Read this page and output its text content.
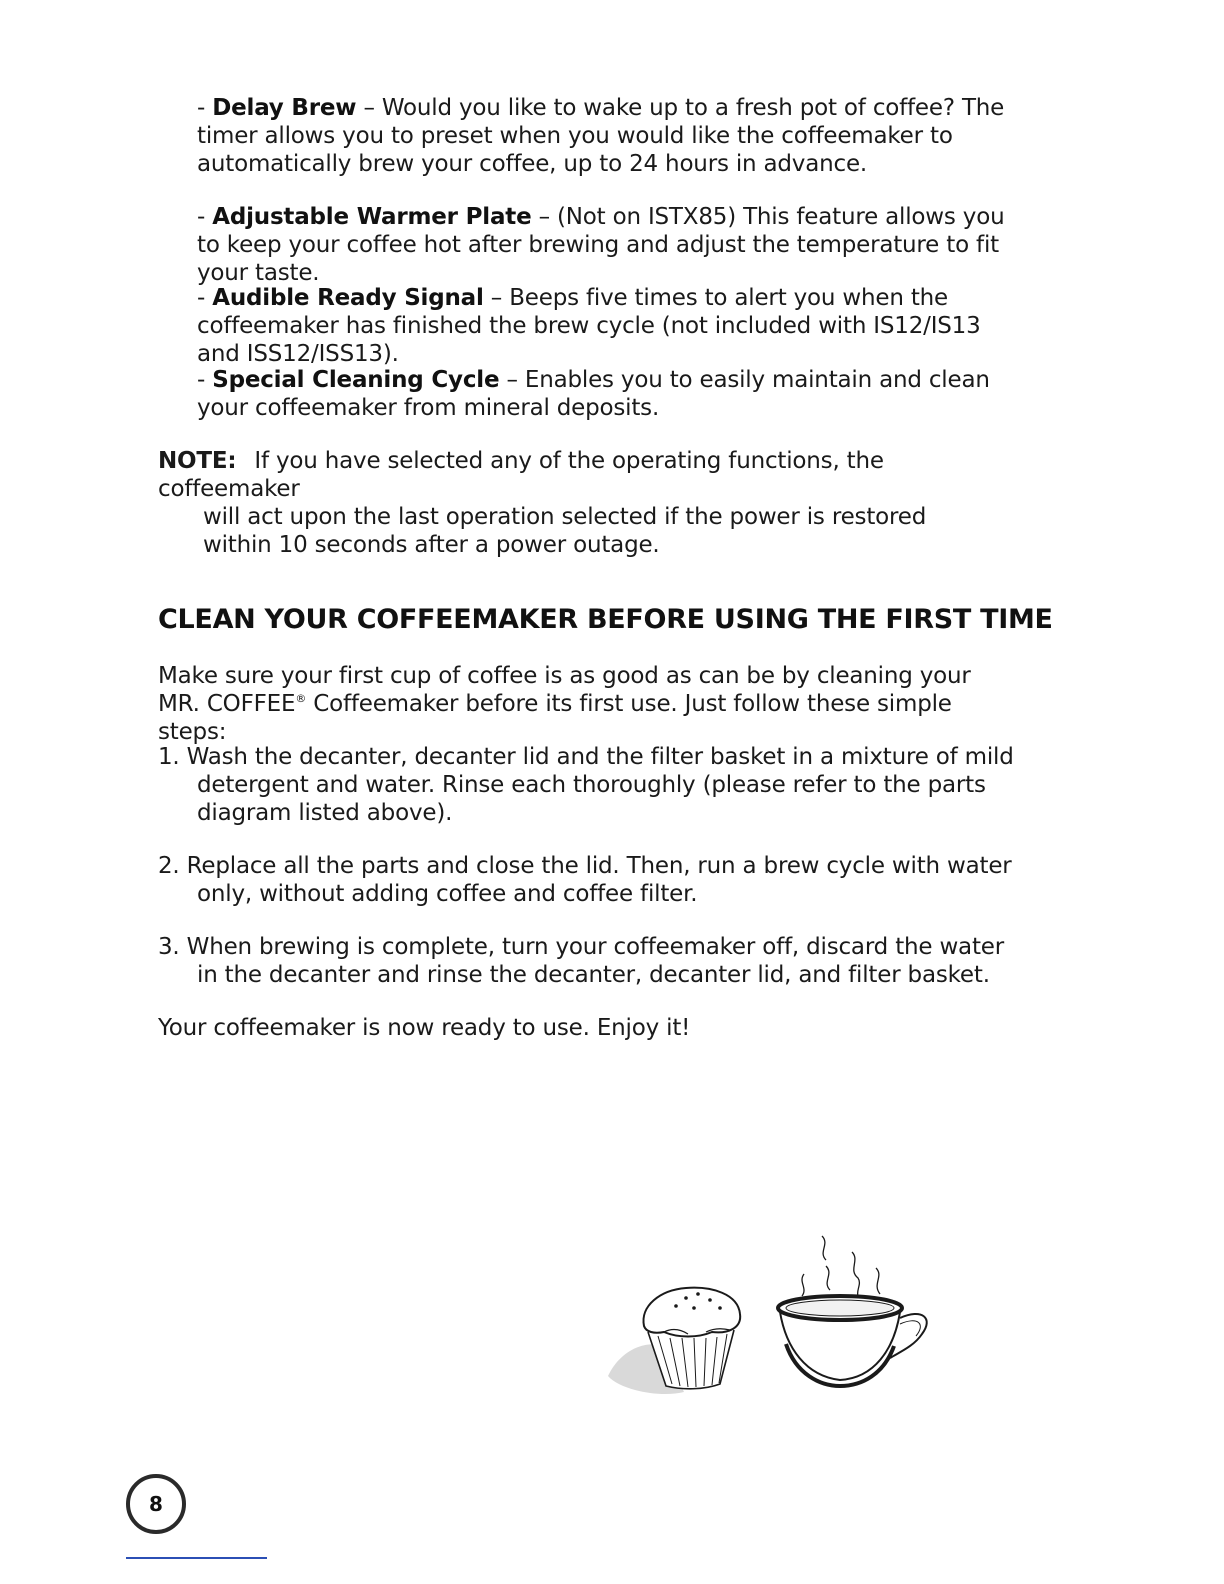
- Delay Brew – Would you like to wake up to a fresh pot of coffee? The timer allows you to preset when you would like the coffeemaker to automatically brew your coffee, up to 24 hours in advance.
- Adjustable Warmer Plate – (Not on ISTX85) This feature allows you to keep your coffee hot after brewing and adjust the temperature to fit your taste.
- Audible Ready Signal – Beeps five times to alert you when the coffeemaker has finished the brew cycle (not included with IS12/IS13 and ISS12/ISS13).
- Special Cleaning Cycle – Enables you to easily maintain and clean your coffeemaker from mineral deposits.
NOTE: If you have selected any of the operating functions, the coffeemaker
will act upon the last operation selected if the power is restored
within 10 seconds after a power outage.
CLEAN YOUR COFFEEMAKER BEFORE USING THE FIRST TIME
Make sure your first cup of coffee is as good as can be by cleaning your MR. COFFEE® Coffeemaker before its first use. Just follow these simple steps:
1. Wash the decanter, decanter lid and the filter basket in a mixture of mild detergent and water. Rinse each thoroughly (please refer to the parts diagram listed above).
2. Replace all the parts and close the lid. Then, run a brew cycle with water only, without adding coffee and coffee filter.
3. When brewing is complete, turn your coffeemaker off, discard the water in the decanter and rinse the decanter, decanter lid, and filter basket.
Your coffeemaker is now ready to use. Enjoy it!
8
